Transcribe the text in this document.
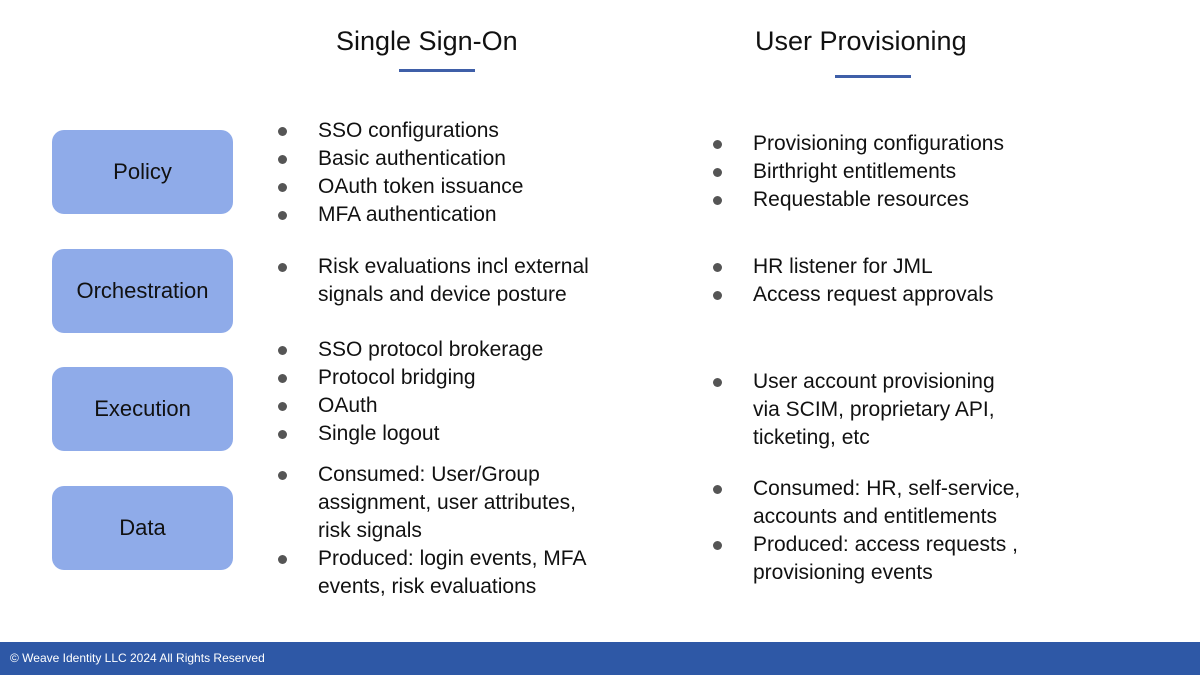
Single Sign-On	User Provisioning
Policy
Orchestration
Execution
Data
SSO configurations
Basic authentication
OAuth token issuance
MFA authentication
Risk evaluations incl external
signals and device posture
SSO protocol brokerage
Protocol bridging
OAuth
Single logout
Consumed: User/Group
assignment, user attributes,
risk signals
Produced: login events, MFA
events, risk evaluations
Provisioning configurations
Birthright entitlements
Requestable resources
HR listener for JML
Access request approvals
User account provisioning
via SCIM, proprietary API,
ticketing, etc
Consumed: HR, self-service,
accounts and entitlements
Produced: access requests ,
provisioning events
© Weave Identity LLC 2024 All Rights Reserved
